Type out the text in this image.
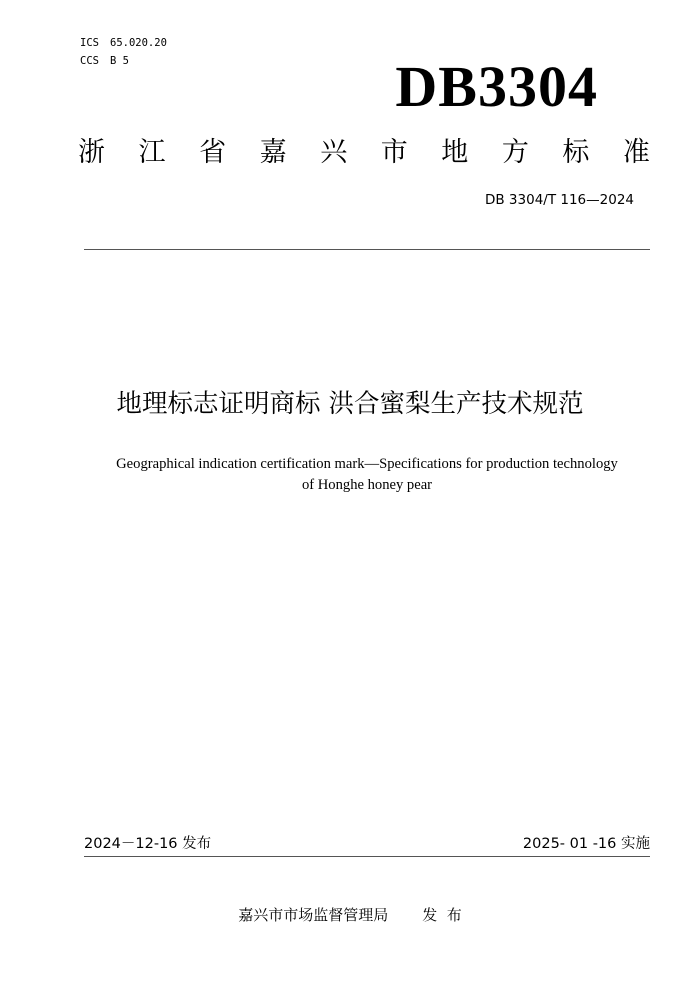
ICS 65.020.20
CCS B 5	DB3304
浙 江 省 嘉 兴 市 地 方 标 准
DB 3304/T 116—2024
地理标志证明商标 洪合蜜梨生产技术规范
Geographical indication certification mark—Specifications for production technology
of Honghe honey pear
2024－12-16 发布	2025- 01 -16 实施
嘉兴市市场监督管理局 发  布
